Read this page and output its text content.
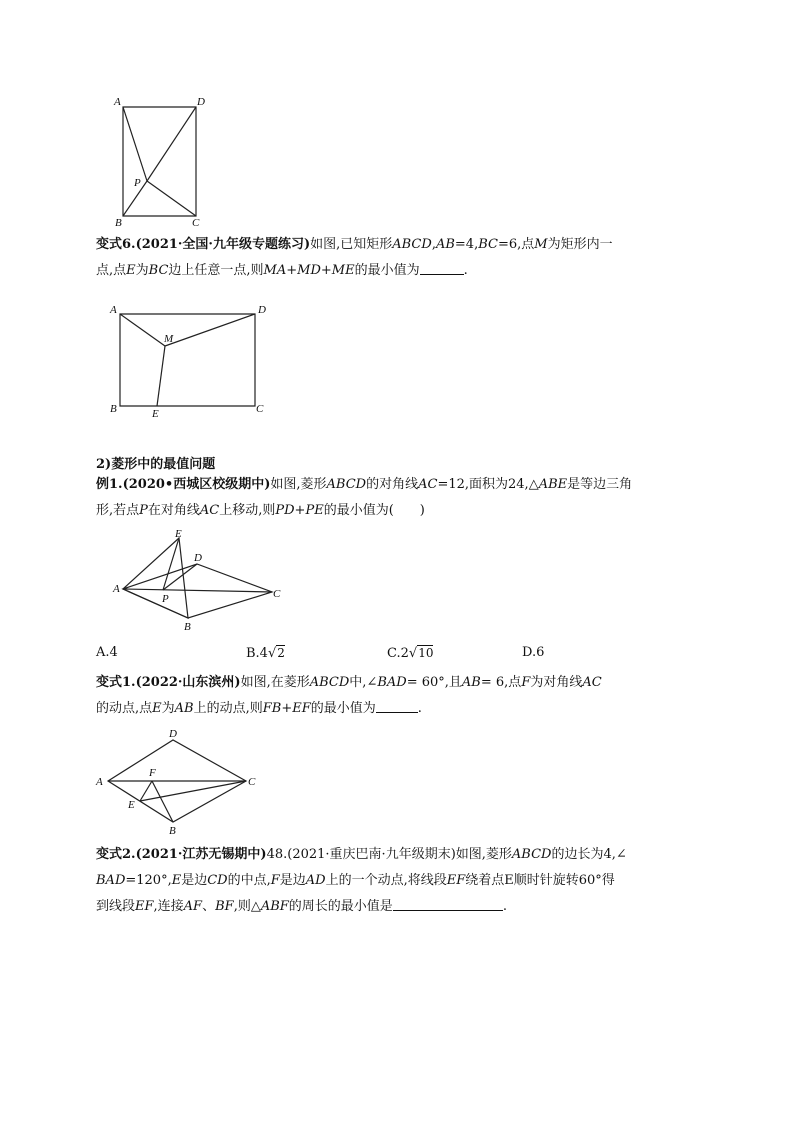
A	D
P
B	C
变式6.(2021·全国·九年级专题练习)如图,已知矩形ABCD,AB=4,BC=6,点M为矩形内一
点,点E为BC边上任意一点,则MA+MD+ME的最小值为	.
A	D
M
B	E	C
2)菱形中的最值问题
例1.(2020•西城区校级期中)如图,菱形ABCD的对角线AC=12,面积为24,△ABE是等边三角
形,若点P在对角线AC上移动,则PD+PE的最小值为( )
E
D
A
P	C
B
A.4	B.4√2	C.2√10	D.6
变式1.(2022·山东滨州)如图,在菱形ABCD中,∠BAD= 60°,且AB= 6,点F为对角线AC
的动点,点E为AB上的动点,则FB+EF的最小值为	.
D
A
F
C
E
B
变式2.(2021·江苏无锡期中)48.(2021·重庆巴南·九年级期末)如图,菱形ABCD的边长为4,∠
BAD=120°,E是边CD的中点,F是边AD上的一个动点,将线段EF绕着点E顺时针旋转60°得
到线段EF,连接AF、BF,则△ABF的周长的最小值是	.
